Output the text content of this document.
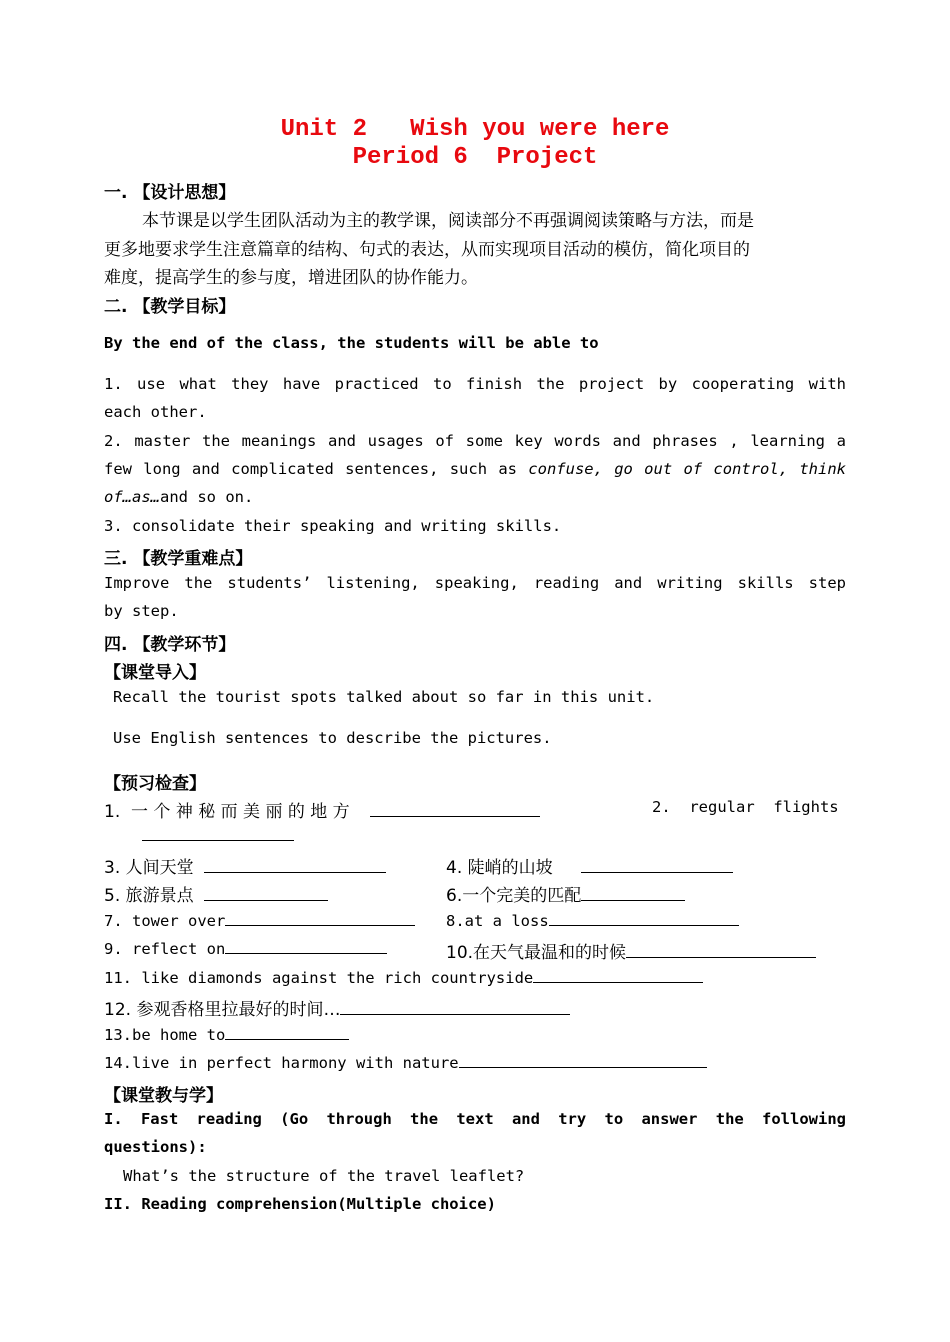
Unit 2   Wish you were here
Period 6  Project
一. 【设计思想】
本节课是以学生团队活动为主的教学课，阅读部分不再强调阅读策略与方法，而是
更多地要求学生注意篇章的结构、句式的表达，从而实现项目活动的模仿，简化项目的
难度，提高学生的参与度，增进团队的协作能力。
二. 【教学目标】
By the end of the class, the students will be able to
1. use what they have practiced to finish the project by cooperating with
each other.
2. master the meanings and usages of some key words and phrases , learning a
few long and complicated sentences, such as confuse, go out of control, think
of…as…and so on.
3. consolidate their speaking and writing skills.
三. 【教学重难点】
Improve the students’ listening, speaking, reading and writing skills step
by step.
四. 【教学环节】
【课堂导入】
Recall the tourist spots talked about so far in this unit.
Use English sentences to describe the pictures.
【预习检查】
1.  一 个 神 秘 而 美 丽 的 地 方	2.  regular  flights
3. 人间天堂	4. 陡峭的山坡
5. 旅游景点	6.一个完美的匹配
7. tower over	8.at a loss
9. reflect on	10.在天气最温和的时候
11. like diamonds against the rich countryside
12. 参观香格里拉最好的时间…
13.be home to
14.live in perfect harmony with nature
【课堂教与学】
I. Fast reading (Go through the text and try to answer the following
questions):
What’s the structure of the travel leaflet?
II. Reading comprehension(Multiple choice)
